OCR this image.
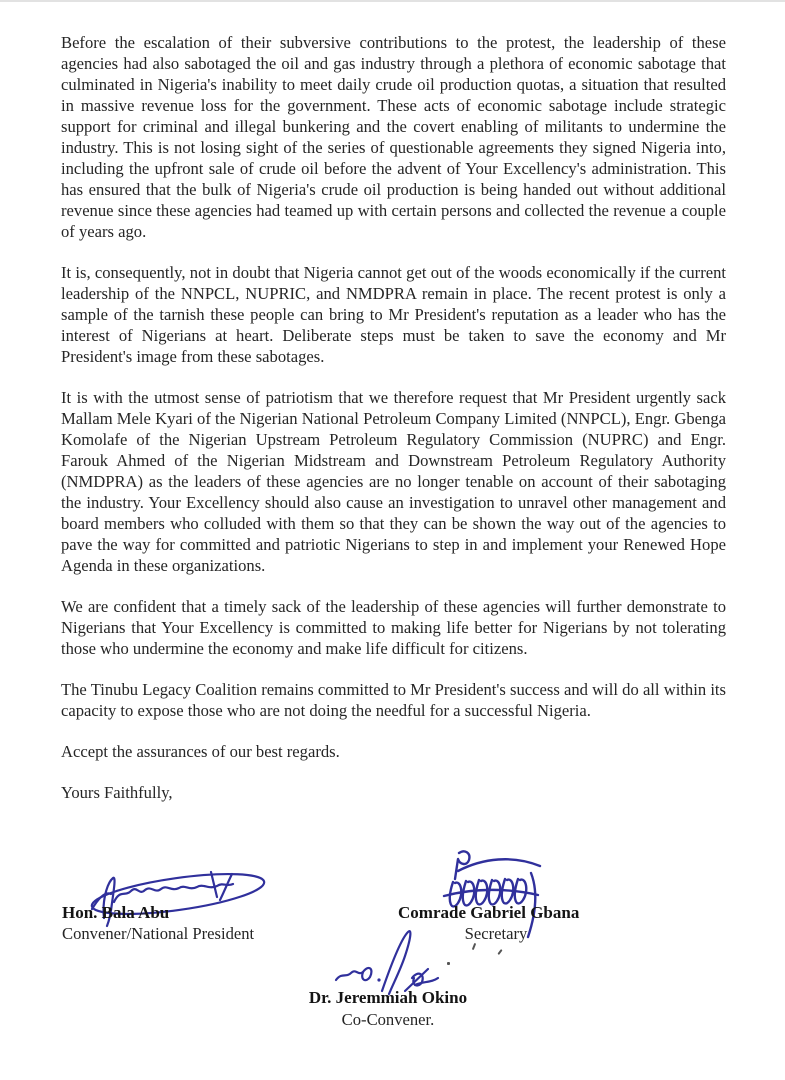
Before the escalation of their subversive contributions to the protest, the leadership of these agencies had also sabotaged the oil and gas industry through a plethora of economic sabotage that culminated in Nigeria's inability to meet daily crude oil production quotas, a situation that resulted in massive revenue loss for the government. These acts of economic sabotage include strategic support for criminal and illegal bunkering and the covert enabling of militants to undermine the industry. This is not losing sight of the series of questionable agreements they signed Nigeria into, including the upfront sale of crude oil before the advent of Your Excellency's administration. This has ensured that the bulk of Nigeria's crude oil production is being handed out without additional revenue since these agencies had teamed up with certain persons and collected the revenue a couple of years ago.

It is, consequently, not in doubt that Nigeria cannot get out of the woods economically if the current leadership of the NNPCL, NUPRIC, and NMDPRA remain in place. The recent protest is only a sample of the tarnish these people can bring to Mr President's reputation as a leader who has the interest of Nigerians at heart. Deliberate steps must be taken to save the economy and Mr President's image from these sabotages.

It is with the utmost sense of patriotism that we therefore request that Mr President urgently sack Mallam Mele Kyari of the Nigerian National Petroleum Company Limited (NNPCL), Engr. Gbenga Komolafe of the Nigerian Upstream Petroleum Regulatory Commission (NUPRC) and Engr. Farouk Ahmed of the Nigerian Midstream and Downstream Petroleum Regulatory Authority (NMDPRA) as the leaders of these agencies are no longer tenable on account of their sabotaging the industry. Your Excellency should also cause an investigation to unravel other management and board members who colluded with them so that they can be shown the way out of the agencies to pave the way for committed and patriotic Nigerians to step in and implement your Renewed Hope Agenda in these organizations.

We are confident that a timely sack of the leadership of these agencies will further demonstrate to Nigerians that Your Excellency is committed to making life better for Nigerians by not tolerating those who undermine the economy and make life difficult for citizens.

The Tinubu Legacy Coalition remains committed to Mr President's success and will do all within its capacity to expose those who are not doing the needful for a successful Nigeria.

Accept the assurances of our best regards.

Yours Faithfully,

Hon. Bala Abu
Convener/National President
Comrade Gabriel Gbana
Secretary
Dr. Jeremmiah Okino
Co-Convener.
